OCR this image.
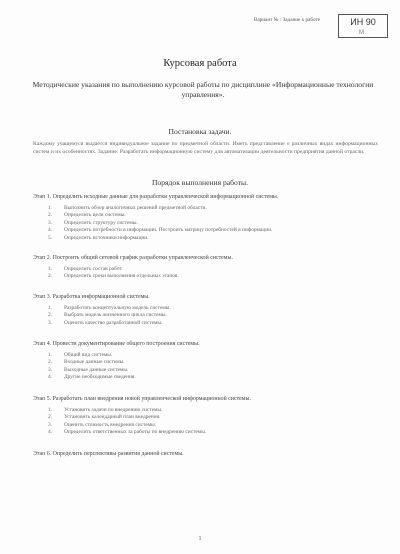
Вариант № / Задание к работе	ИН 90
М
Курсовая работа
Методические указания по выполнению курсовой работы по дисциплине «Информационные технологии управления».
Постановка задачи.
Каждому учащемуся выдается индивидуальное задание по предметной области. Иметь представление о различных видах информационных систем и их особенностях. Задание: Разработать информационную систему для автоматизации деятельности предприятия данной отрасли.
Порядок выполнения работы.
Этап 1. Определить исходные данные для разработки управленческой информационной системы.
1.	Выполнить обзор аналогичных решений предметной области.
2.	Определить цели системы.
3.	Определить структуру системы.
4.	Определить потребности в информации. Построить матрицу потребностей в информации.
5.	Определить источники информации.
Этап 2. Построить общий сетевой график разработки управленческой системы.
1.	Определить состав работ.
2.	Определить сроки выполнения отдельных этапов.
Этап 3. Разработка информационной системы.
1.	Разработать концептуальную модель системы.
2.	Выбрать модель жизненного цикла системы.
3.	Оценить качество разработанной системы.
Этап 4. Провести документирование общего построения системы.
1.	Общий вид системы.
2.	Входные данные системы.
3.	Выходные данные системы.
4.	Другие необходимые сведения.
Этап 5. Разработать план внедрения новой управленческой информационной системы.
1.	Установить задачи по внедрению системы.
2.	Установить календарный план внедрения.
3.	Оценить стоимость внедрения системы.
4.	Определить ответственных за работы по внедрению системы.
Этап 6. Определить перспективы развития данной системы.
1
